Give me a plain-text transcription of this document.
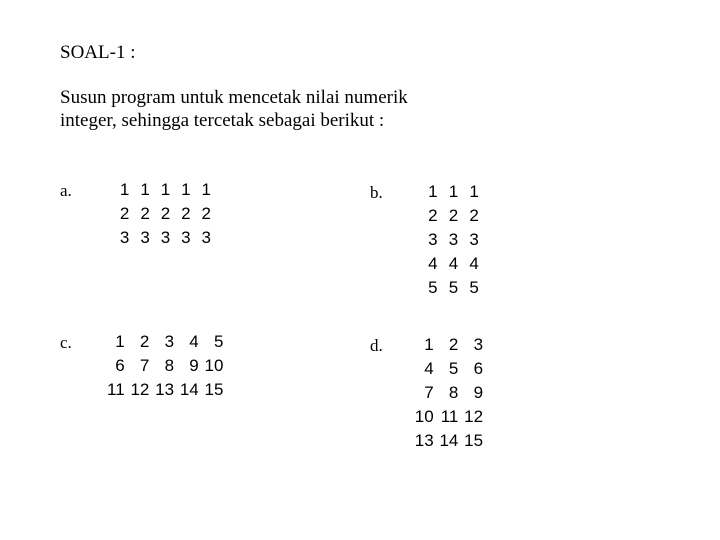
SOAL-1 :
Susun program untuk mencetak nilai numerik
integer, sehingga tercetak sebagai berikut :
a.	1	1	1	1	1
2	2	2	2	2
3	3	3	3	3
b.	1	1	1
2	2	2
3	3	3
4	4	4
5	5	5
c.	1	2	3	4	5
6	7	8	9	10
11	12	13	14	15
d. 1	2	3
4	5	6
7	8	9
10	11	12
13	14	15
